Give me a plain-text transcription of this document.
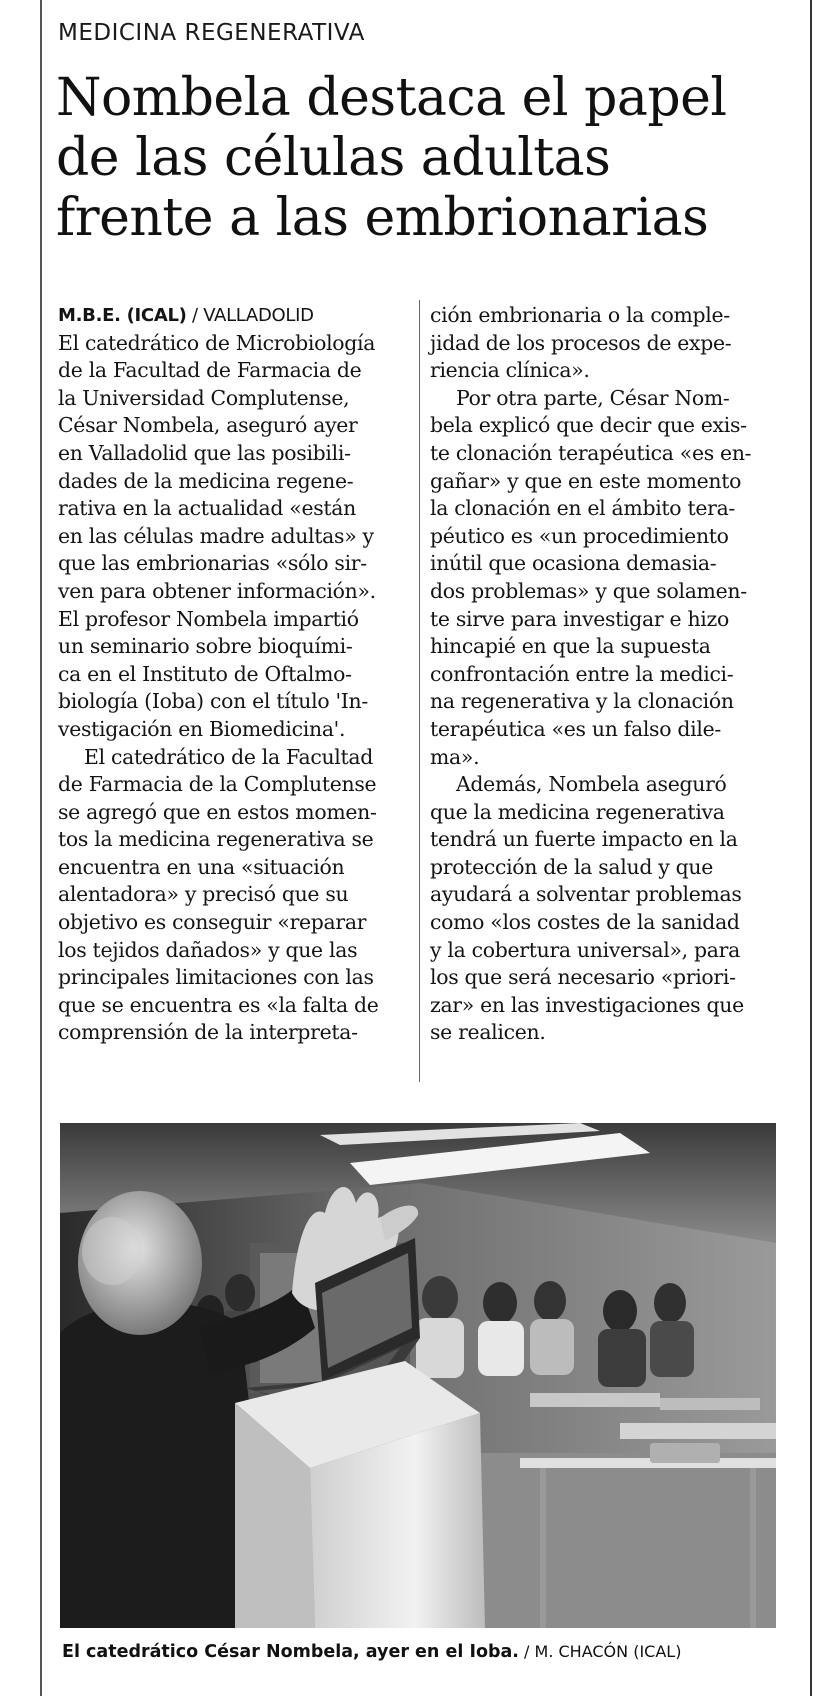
MEDICINA REGENERATIVA
Nombela destaca el papel
de las células adultas
frente a las embrionarias
M.B.E. (ICAL) / VALLADOLID
El catedrático de Microbiología
de la Facultad de Farmacia de
la Universidad Complutense,
César Nombela, aseguró ayer
en Valladolid que las posibili-
dades de la medicina regene-
rativa en la actualidad «están
en las células madre adultas» y
que las embrionarias «sólo sir-
ven para obtener información».
El profesor Nombela impartió
un seminario sobre bioquími-
ca en el Instituto de Oftalmo-
biología (Ioba) con el título 'In-
vestigación en Biomedicina'.
El catedrático de la Facultad
de Farmacia de la Complutense
se agregó que en estos momen-
tos la medicina regenerativa se
encuentra en una «situación
alentadora» y precisó que su
objetivo es conseguir «reparar
los tejidos dañados» y que las
principales limitaciones con las
que se encuentra es «la falta de
comprensión de la interpreta-
ción embrionaria o la comple-
jidad de los procesos de expe-
riencia clínica».
Por otra parte, César Nom-
bela explicó que decir que exis-
te clonación terapéutica «es en-
gañar» y que en este momento
la clonación en el ámbito tera-
péutico es «un procedimiento
inútil que ocasiona demasia-
dos problemas» y que solamen-
te sirve para investigar e hizo
hincapié en que la supuesta
confrontación entre la medici-
na regenerativa y la clonación
terapéutica «es un falso dile-
ma».
Además, Nombela aseguró
que la medicina regenerativa
tendrá un fuerte impacto en la
protección de la salud y que
ayudará a solventar problemas
como «los costes de la sanidad
y la cobertura universal», para
los que será necesario «priori-
zar» en las investigaciones que
se realicen.
El catedrático César Nombela, ayer en el Ioba. / M. CHACÓN (ICAL)
